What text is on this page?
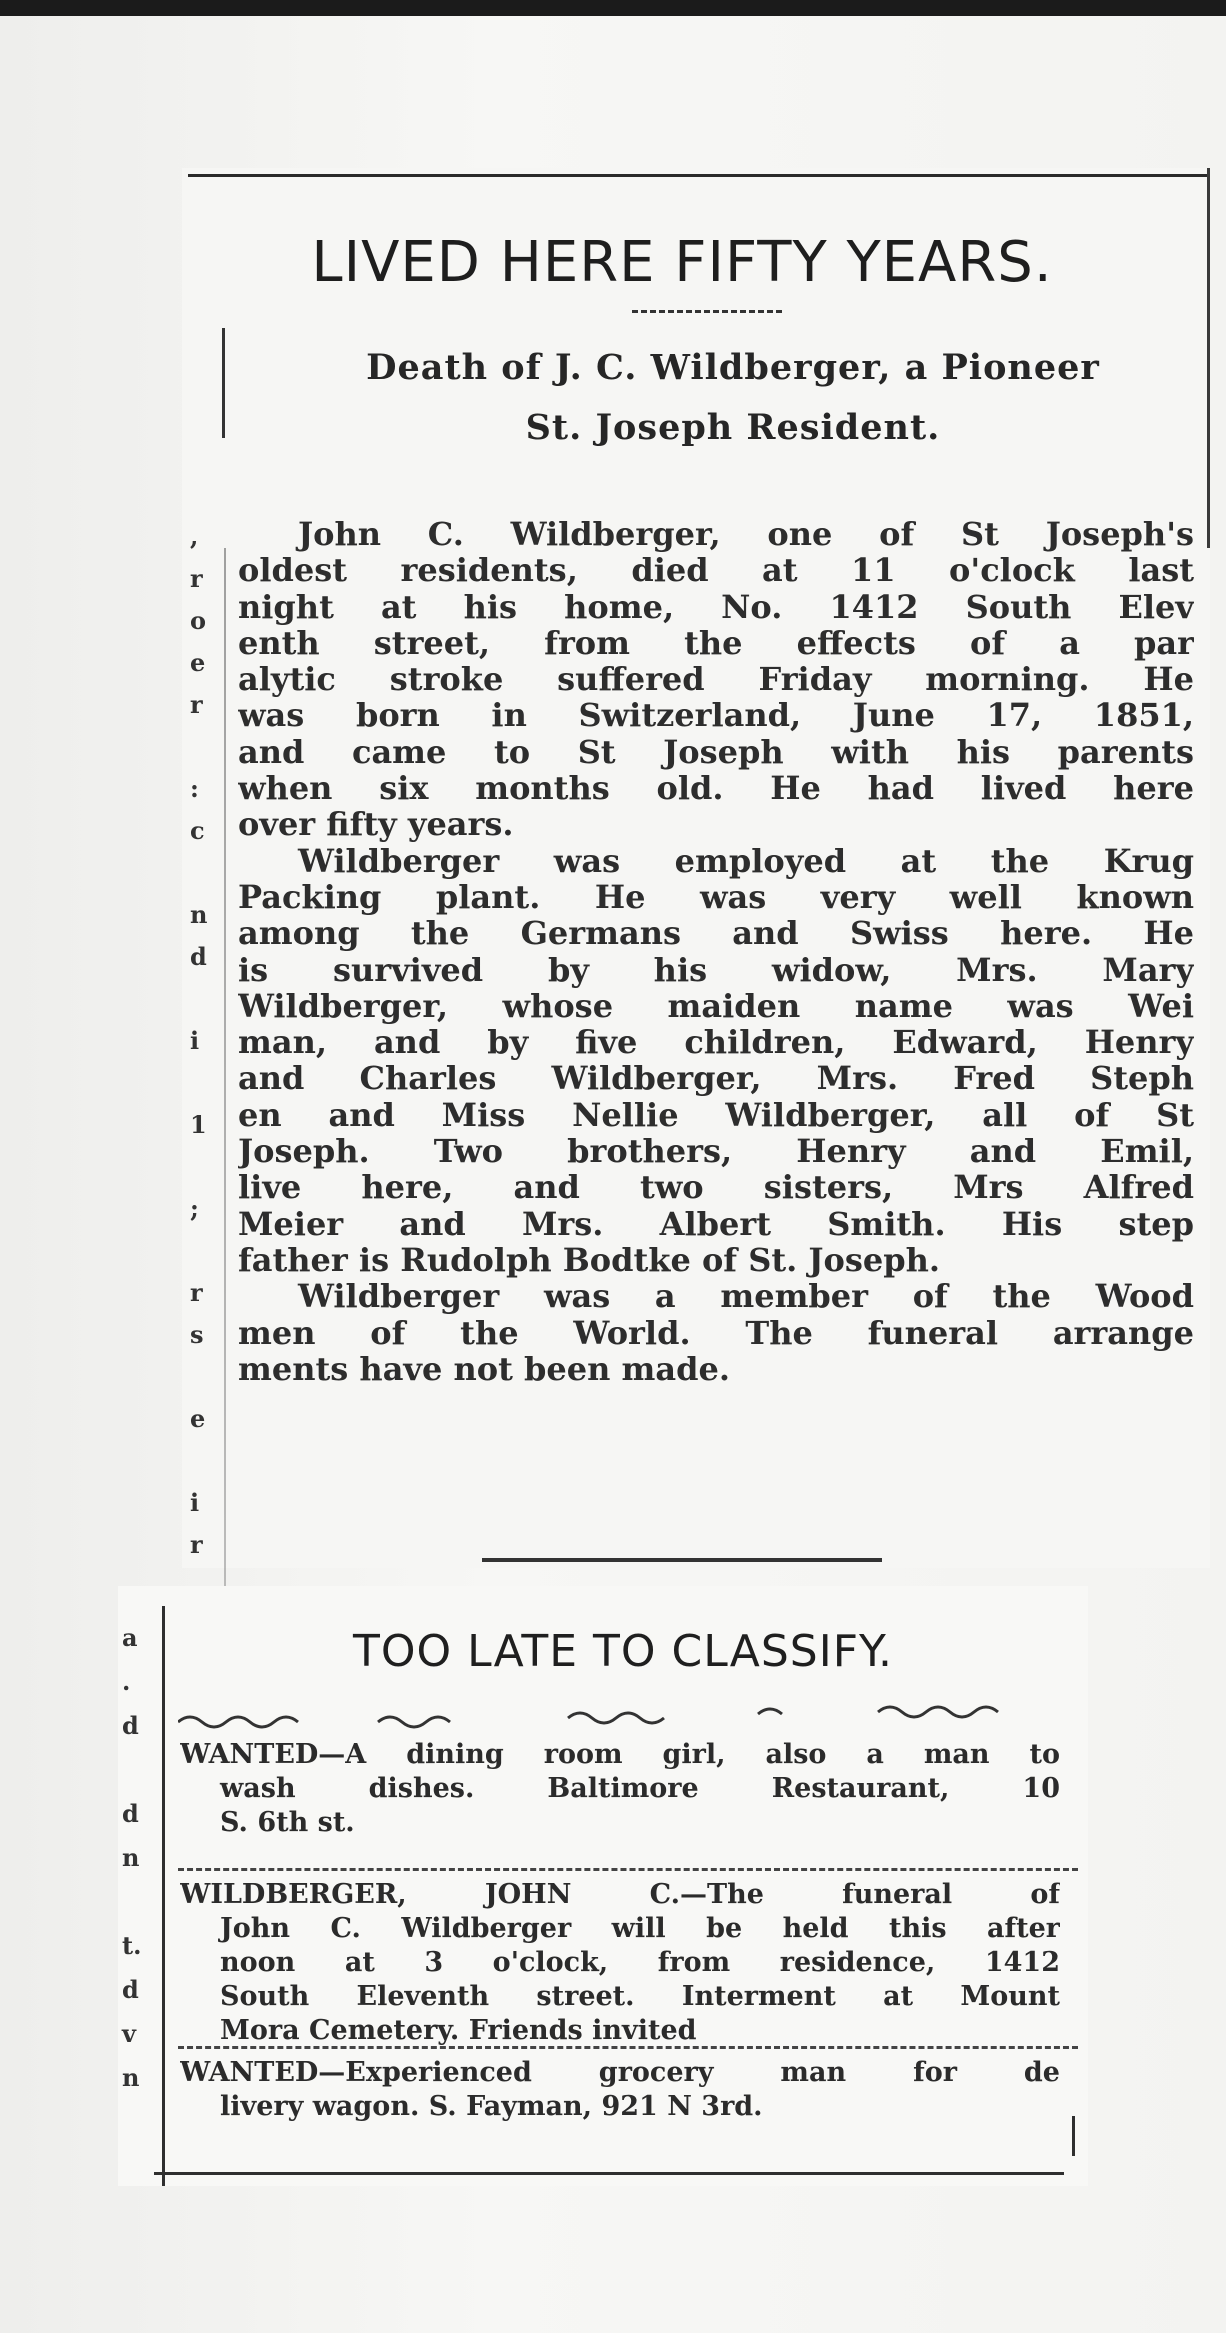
LIVED HERE FIFTY YEARS.
Death of J. C. Wildberger, a Pioneer
St. Joseph Resident.
,
r
o
e
r

:
c

n
d

i

1

;

r
s

e

i
r
John C. Wildberger, one of St Joseph's
oldest residents, died at 11 o'clock last
night at his home, No. 1412 South Elev
enth street, from the effects of a par
alytic stroke suffered Friday morning. He
was born in Switzerland, June 17, 1851,
and came to St Joseph with his parents
when six months old. He had lived here
over fifty years.
Wildberger was employed at the Krug
Packing plant. He was very well known
among the Germans and Swiss here. He
is survived by his widow, Mrs. Mary
Wildberger, whose maiden name was Wei
man, and by five children, Edward, Henry
and Charles Wildberger, Mrs. Fred Steph
en and Miss Nellie Wildberger, all of St
Joseph. Two brothers, Henry and Emil,
live here, and two sisters, Mrs Alfred
Meier and Mrs. Albert Smith. His step
father is Rudolph Bodtke of St. Joseph.
Wildberger was a member of the Wood
men of the World. The funeral arrange
ments have not been made.
a
.
d

d
n

t.
d
v
n

TOO LATE TO CLASSIFY.
WANTED—A dining room girl, also a man to
wash dishes. Baltimore Restaurant, 10
S. 6th st.
WILDBERGER, JOHN C.—The funeral of
John C. Wildberger will be held this after
noon at 3 o'clock, from residence, 1412
South Eleventh street. Interment at Mount
Mora Cemetery. Friends invited
WANTED—Experienced grocery man for de
livery wagon. S. Fayman, 921 N 3rd.
